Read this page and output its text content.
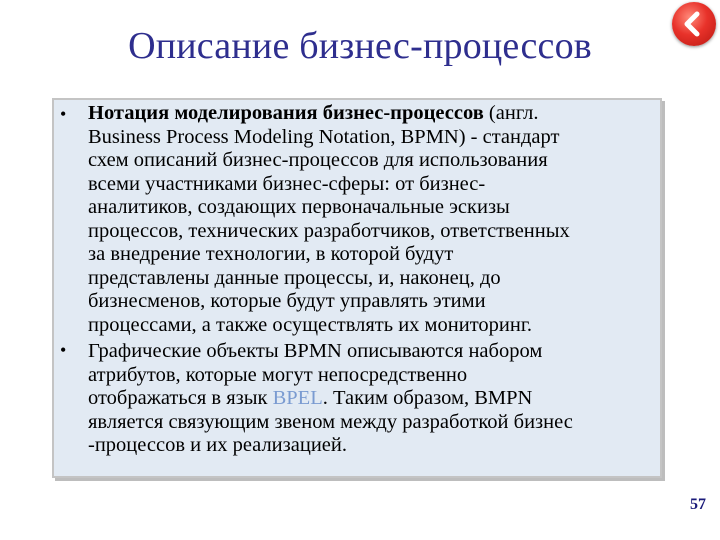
Описание бизнес-процессов
•	Нотация моделирования бизнес-процессов (англ.
Business Process Modeling Notation, BPMN) - стандарт
схем описаний бизнес-процессов для использования
всеми участниками бизнес-сферы: от бизнес-
аналитиков, создающих первоначальные эскизы
процессов, технических разработчиков, ответственных
за внедрение технологии, в которой будут
представлены данные процессы, и, наконец, до
бизнесменов, которые будут управлять этими
процессами, а также осуществлять их мониторинг.
•	Графические объекты BPMN описываются набором
атрибутов, которые могут непосредственно
отображаться в язык BPEL. Таким образом, BMPN
является связующим звеном между разработкой бизнес
-процессов и их реализацией.
57
